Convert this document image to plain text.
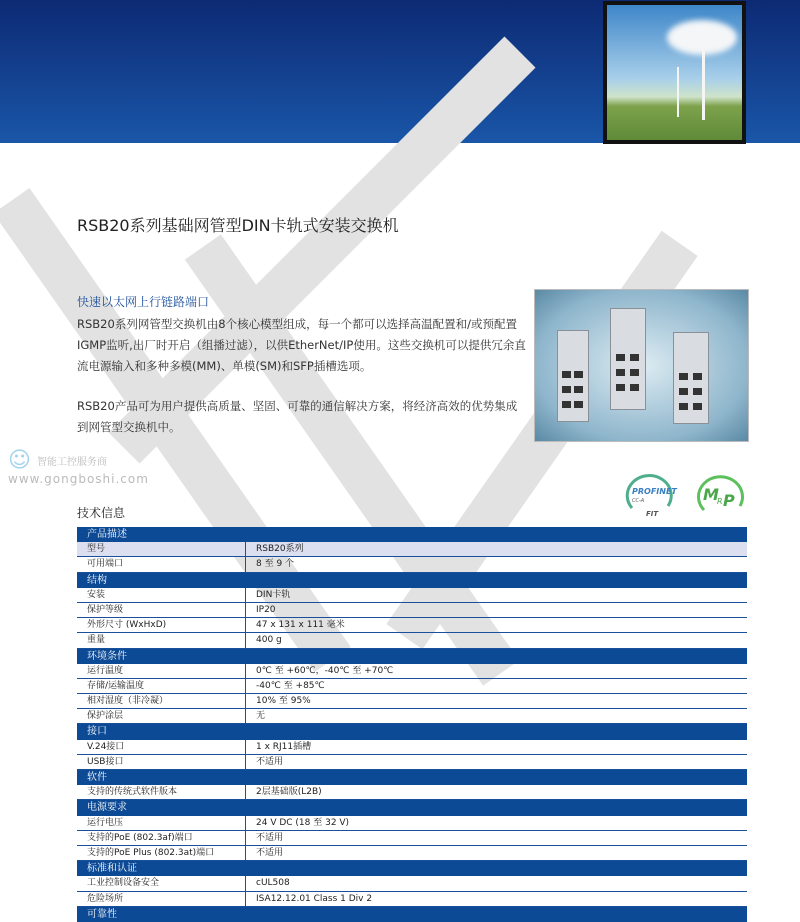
RSB20系列基础网管型DIN卡轨式安装交换机
快速以太网上行链路端口
RSB20系列网管型交换机由8个核心模型组成，每一个都可以选择高温配置和/或预配置IGMP监听,出厂时开启（组播过滤），以供EtherNet/IP使用。这些交换机可以提供冗余直流电源输入和多种多模(MM)、单模(SM)和SFP插槽选项。
RSB20产品可为用户提供高质量、坚固、可靠的通信解决方案，将经济高效的优势集成到网管型交换机中。
PROFINET
CC-A
FIT
M
R P
技术信息
产品描述
型号	RSB20系列
可用端口	8 至 9 个
结构
安装	DIN卡轨
保护等级	IP20
外形尺寸 (WxHxD)	47 x 131 x 111 毫米
重量	400 g
环境条件
运行温度	0℃ 至 +60℃，-40℃ 至 +70℃
存储/运输温度	-40℃ 至 +85℃
相对湿度（非冷凝）	10% 至 95%
保护涂层	无
接口
V.24接口	1 x RJ11插槽
USB接口	不适用
软件
支持的传统式软件版本	2层基础版(L2B)
电源要求
运行电压	24 V DC (18 至 32 V)
支持的PoE (802.3af)端口	不适用
支持的PoE Plus (802.3at)端口	不适用
标准和认证
工业控制设备安全	cUL508
危险场所	ISA12.12.01 Class 1 Div 2
可靠性
☺ 智能工控服务商
www.gongboshi.com
